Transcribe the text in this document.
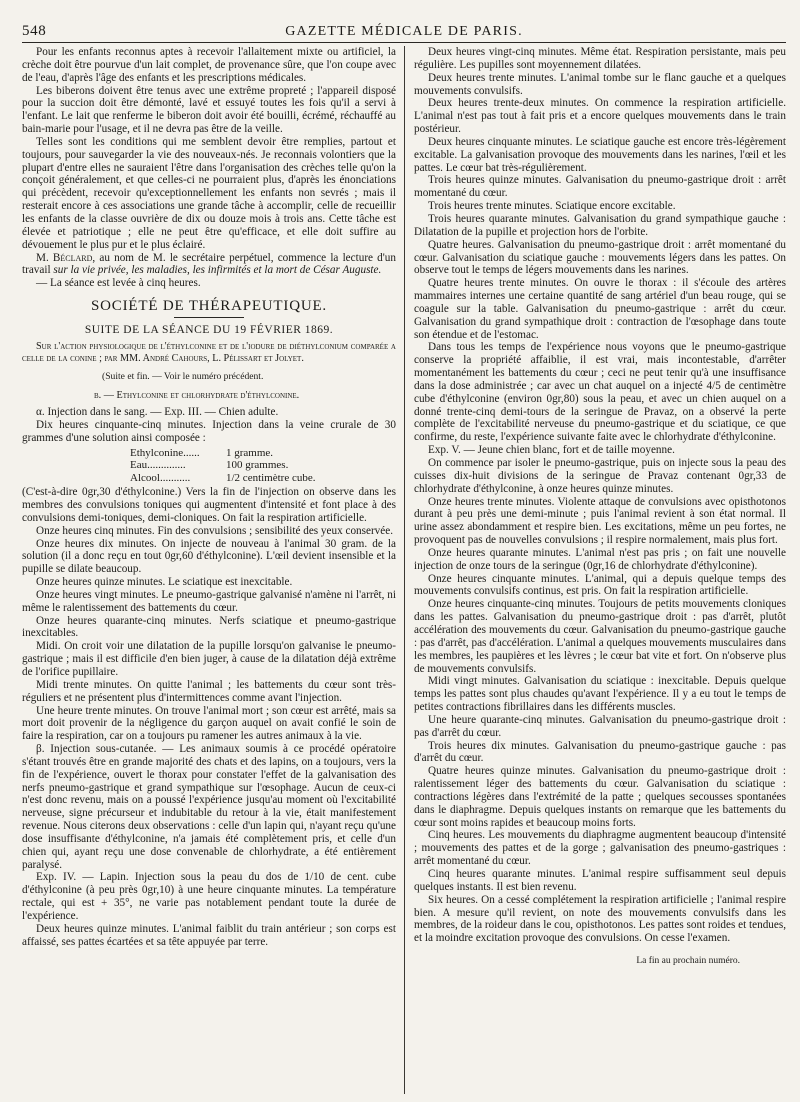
548	GAZETTE MÉDICALE DE PARIS.

Pour les enfants reconnus aptes à recevoir l'allaitement mixte ou artificiel, la crèche doit être pourvue d'un lait complet, de provenance sûre, que l'on coupe avec de l'eau, d'après l'âge des enfants et les prescriptions médicales.

Les biberons doivent être tenus avec une extrême propreté ; l'appareil disposé pour la succion doit être démonté, lavé et essuyé toutes les fois qu'il a servi à l'enfant. Le lait que renferme le biberon doit avoir été bouilli, écrémé, réchauffé au bain-marie pour l'usage, et il ne devra pas être de la veille.

Telles sont les conditions qui me semblent devoir être remplies, partout et toujours, pour sauvegarder la vie des nouveaux-nés. Je reconnais volontiers que la plupart d'entre elles ne sauraient l'être dans l'organisation des crèches telle qu'on la conçoit généralement, et que celles-ci ne pourraient plus, d'après les énonciations qui précèdent, recevoir qu'exceptionnellement les enfants non sevrés ; mais il resterait encore à ces associations une grande tâche à accomplir, celle de recueillir les enfants de la classe ouvrière de dix ou douze mois à trois ans. Cette tâche est élevée et patriotique ; elle ne peut être qu'efficace, et elle doit suffire au dévouement le plus pur et le plus éclairé.

M. Béclard, au nom de M. le secrétaire perpétuel, commence la lecture d'un travail sur la vie privée, les maladies, les infirmités et la mort de César Auguste.

— La séance est levée à cinq heures.

SOCIÉTÉ DE THÉRAPEUTIQUE.
SUITE DE LA SÉANCE DU 19 FÉVRIER 1869.

Sur l'action physiologique de l'éthylconine et de l'iodure de diéthylconium comparée a celle de la conine ; par MM. André Cahours, L. Pélissart et Jolyet.

(Suite et fin. — Voir le numéro précédent.
β. — Ethylconine et chlorhydrate d'éthylconine.

α. Injection dans le sang. — Exp. III. — Chien adulte.

Dix heures cinquante-cinq minutes. Injection dans la veine crurale de 30 grammes d'une solution ainsi composée :

Ethylconine......	1 gramme.
Eau..............	100 grammes.
Alcool...........	1/2 centimètre cube.

(C'est-à-dire 0gr,30 d'éthylconine.) Vers la fin de l'injection on observe dans les membres des convulsions toniques qui augmentent d'intensité et font place à des convulsions demi-toniques, demi-cloniques. On fait la respiration artificielle.

Onze heures cinq minutes. Fin des convulsions ; sensibilité des yeux conservée.

Onze heures dix minutes. On injecte de nouveau à l'animal 30 gram. de la solution (il a donc reçu en tout 0gr,60 d'éthylconine). L'œil devient insensible et la pupille se dilate beaucoup.

Onze heures quinze minutes. Le sciatique est inexcitable.

Onze heures vingt minutes. Le pneumo-gastrique galvanisé n'amène ni l'arrêt, ni même le ralentissement des battements du cœur.

Onze heures quarante-cinq minutes. Nerfs sciatique et pneumo-gastrique inexcitables.

Midi. On croit voir une dilatation de la pupille lorsqu'on galvanise le pneumo-gastrique ; mais il est difficile d'en bien juger, à cause de la dilatation déjà extrême de l'orifice pupillaire.

Midi trente minutes. On quitte l'animal ; les battements du cœur sont très-réguliers et ne présentent plus d'intermittences comme avant l'injection.

Une heure trente minutes. On trouve l'animal mort ; son cœur est arrêté, mais sa mort doit provenir de la négligence du garçon auquel on avait confié le soin de faire la respiration, car on a toujours pu ramener les autres animaux à la vie.

β. Injection sous-cutanée. — Les animaux soumis à ce procédé opératoire s'étant trouvés être en grande majorité des chats et des lapins, on a toujours, vers la fin de l'expérience, ouvert le thorax pour constater l'effet de la galvanisation des nerfs pneumo-gastrique et grand sympathique sur l'œsophage. Aucun de ceux-ci n'est donc revenu, mais on a poussé l'expérience jusqu'au moment où l'excitabilité nerveuse, signe précurseur et indubitable du retour à la vie, était manifestement revenue. Nous citerons deux observations : celle d'un lapin qui, n'ayant reçu qu'une dose insuffisante d'éthylconine, n'a jamais été complètement pris, et celle d'un chien qui, ayant reçu une dose convenable de chlorhydrate, a été entièrement paralysé.

Exp. IV. — Lapin. Injection sous la peau du dos de 1/10 de cent. cube d'éthylconine (à peu près 0gr,10) à une heure cinquante minutes. La température rectale, qui est + 35°, ne varie pas notablement pendant toute la durée de l'expérience.

Deux heures quinze minutes. L'animal faiblit du train antérieur ; son corps est affaissé, ses pattes écartées et sa tête appuyée par terre.

Deux heures vingt-cinq minutes. Même état. Respiration persistante, mais peu régulière. Les pupilles sont moyennement dilatées.

Deux heures trente minutes. L'animal tombe sur le flanc gauche et a quelques mouvements convulsifs.

Deux heures trente-deux minutes. On commence la respiration artificielle. L'animal n'est pas tout à fait pris et a encore quelques mouvements dans le train postérieur.

Deux heures cinquante minutes. Le sciatique gauche est encore très-légèrement excitable. La galvanisation provoque des mouvements dans les narines, l'œil et les pattes. Le cœur bat très-régulièrement.

Trois heures quinze minutes. Galvanisation du pneumo-gastrique droit : arrêt momentané du cœur.

Trois heures trente minutes. Sciatique encore excitable.

Trois heures quarante minutes. Galvanisation du grand sympathique gauche : Dilatation de la pupille et projection hors de l'orbite.

Quatre heures. Galvanisation du pneumo-gastrique droit : arrêt momentané du cœur. Galvanisation du sciatique gauche : mouvements légers dans les pattes. On observe tout le temps de légers mouvements dans les narines.

Quatre heures trente minutes. On ouvre le thorax : il s'écoule des artères mammaires internes une certaine quantité de sang artériel d'un beau rouge, qui se coagule sur la table. Galvanisation du pneumo-gastrique : arrêt du cœur. Galvanisation du grand sympathique droit : contraction de l'œsophage dans toute son étendue et de l'estomac.

Dans tous les temps de l'expérience nous voyons que le pneumo-gastrique conserve la propriété affaiblie, il est vrai, mais incontestable, d'arrêter momentanément les battements du cœur ; ceci ne peut tenir qu'à une insuffisance dans la dose administrée ; car avec un chat auquel on a injecté 4/5 de centimètre cube d'éthylconine (environ 0gr,80) sous la peau, et avec un chien auquel on a donné trente-cinq demi-tours de la seringue de Pravaz, on a observé la perte complète de l'excitabilité nerveuse du pneumo-gastrique et du sciatique, ce que confirme, du reste, l'expérience suivante faite avec le chlorhydrate d'éthylconine.

Exp. V. — Jeune chien blanc, fort et de taille moyenne.

On commence par isoler le pneumo-gastrique, puis on injecte sous la peau des cuisses dix-huit divisions de la seringue de Pravaz contenant 0gr,33 de chlorhydrate d'éthylconine, à onze heures quinze minutes.

Onze heures trente minutes. Violente attaque de convulsions avec opisthotonos durant à peu près une demi-minute ; puis l'animal revient à son état normal. Il urine assez abondamment et respire bien. Les excitations, même un peu fortes, ne provoquent pas de nouvelles convulsions ; il respire normalement, mais plus fort.

Onze heures quarante minutes. L'animal n'est pas pris ; on fait une nouvelle injection de onze tours de la seringue (0gr,16 de chlorhydrate d'éthylconine).

Onze heures cinquante minutes. L'animal, qui a depuis quelque temps des mouvements convulsifs continus, est pris. On fait la respiration artificielle.

Onze heures cinquante-cinq minutes. Toujours de petits mouvements cloniques dans les pattes. Galvanisation du pneumo-gastrique droit : pas d'arrêt, plutôt accélération des mouvements du cœur. Galvanisation du pneumo-gastrique gauche : pas d'arrêt, pas d'accélération. L'animal a quelques mouvements musculaires dans les membres, les paupières et les lèvres ; le cœur bat vite et fort. On n'observe plus de mouvements convulsifs.

Midi vingt minutes. Galvanisation du sciatique : inexcitable. Depuis quelque temps les pattes sont plus chaudes qu'avant l'expérience. Il y a eu tout le temps de petites contractions fibrillaires dans les différents muscles.

Une heure quarante-cinq minutes. Galvanisation du pneumo-gastrique droit : pas d'arrêt du cœur.

Trois heures dix minutes. Galvanisation du pneumo-gastrique gauche : pas d'arrêt du cœur.

Quatre heures quinze minutes. Galvanisation du pneumo-gastrique droit : ralentissement léger des battements du cœur. Galvanisation du sciatique : contractions légères dans l'extrémité de la patte ; quelques secousses spontanées dans le diaphragme. Depuis quelques instants on remarque que les battements du cœur sont moins rapides et beaucoup moins forts.

Cinq heures. Les mouvements du diaphragme augmentent beaucoup d'intensité ; mouvements des pattes et de la gorge ; galvanisation des pneumo-gastriques : arrêt momentané du cœur.

Cinq heures quarante minutes. L'animal respire suffisamment seul depuis quelques instants. Il est bien revenu.

Six heures. On a cessé complétement la respiration artificielle ; l'animal respire bien. A mesure qu'il revient, on note des mouvements convulsifs dans les membres, de la roideur dans le cou, opisthotonos. Les pattes sont roides et tendues, et la moindre excitation provoque des convulsions. On cesse l'examen.

La fin au prochain numéro.
